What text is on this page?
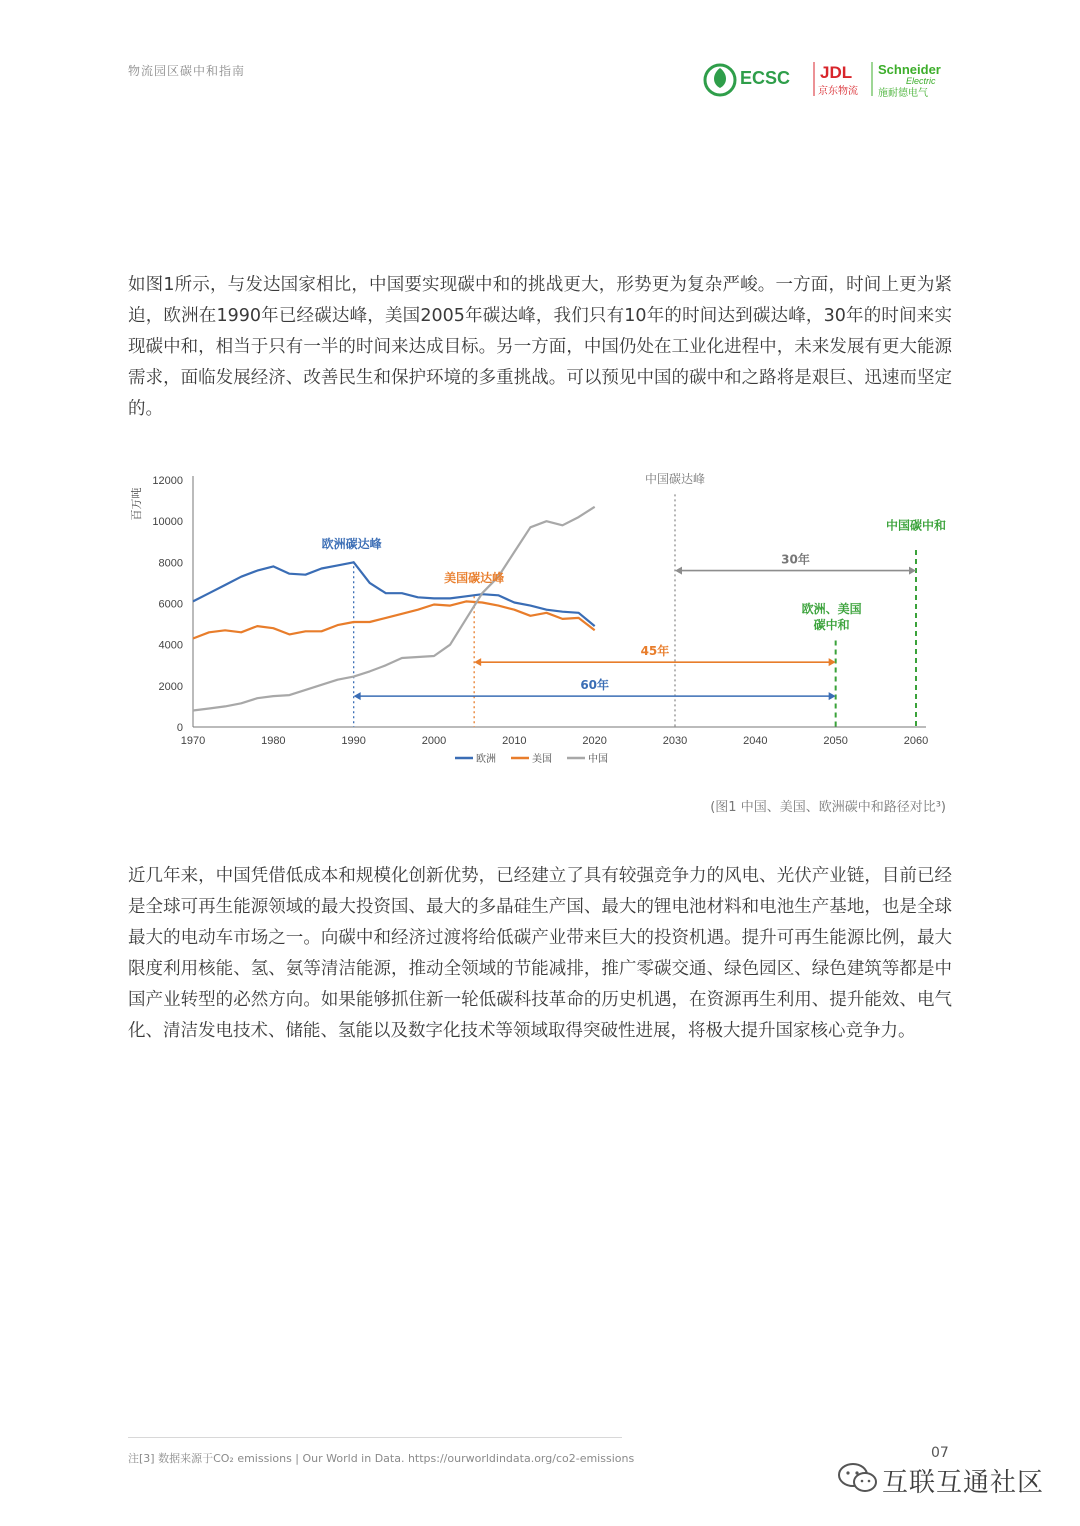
物流园区碳中和指南	ECSC JDL
京东物流
Schneider
Electric
施耐德电气

如图1所示，与发达国家相比，中国要实现碳中和的挑战更大，形势更为复杂严峻。一方面，时间上更为紧迫，欧洲在1990年已经碳达峰，美国2005年碳达峰，我们只有10年的时间达到碳达峰，30年的时间来实现碳中和，相当于只有一半的时间来达成目标。另一方面，中国仍处在工业化进程中，未来发展有更大能源需求，面临发展经济、改善民生和保护环境的多重挑战。可以预见中国的碳中和之路将是艰巨、迅速而坚定的。

0
2000
4000
6000
8000
10000
12000
1970	1980	1990	2000	2010	2020	2030	2040	2050	2060
百万吨
30年
45年
60年
欧洲碳达峰
美国碳达峰
中国碳达峰
欧洲、美国
碳中和
中国碳中和
欧洲	美国	中国
(图1 中国、美国、欧洲碳中和路径对比³)

近几年来，中国凭借低成本和规模化创新优势，已经建立了具有较强竞争力的风电、光伏产业链，目前已经是全球可再生能源领域的最大投资国、最大的多晶硅生产国、最大的锂电池材料和电池生产基地，也是全球最大的电动车市场之一。向碳中和经济过渡将给低碳产业带来巨大的投资机遇。提升可再生能源比例，最大限度利用核能、氢、氨等清洁能源，推动全领域的节能减排，推广零碳交通、绿色园区、绿色建筑等都是中国产业转型的必然方向。如果能够抓住新一轮低碳科技革命的历史机遇，在资源再生利用、提升能效、电气化、清洁发电技术、储能、氢能以及数字化技术等领域取得突破性进展，将极大提升国家核心竞争力。

注[3] 数据来源于CO₂ emissions | Our World in Data. https://ourworldindata.org/co2-emissions	07
互联互通社区
